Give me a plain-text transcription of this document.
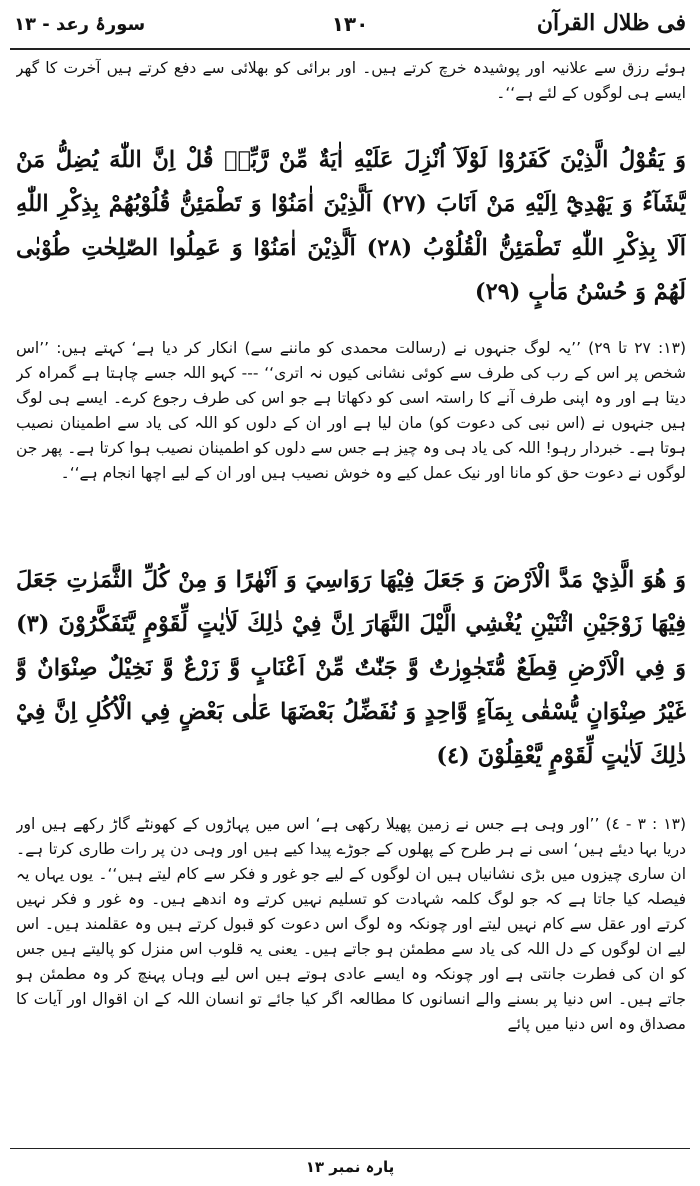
فی ظلال القرآن
١٣٠
سورۂ رعد - ١٣

ہوئے رزق سے علانیہ اور پوشیدہ خرچ کرتے ہیں۔ اور برائی کو بھلائی سے دفع کرتے ہیں آخرت کا گھر ایسے ہی لوگوں کے لئے ہے‘‘۔

وَ يَقُوْلُ الَّذِيْنَ كَفَرُوْا لَوْلَآ اُنْزِلَ عَلَيْهِ اٰيَةٌ مِّنْ رَّبِّهٖ قُلْ اِنَّ اللّٰهَ يُضِلُّ مَنْ يَّشَآءُ وَ يَهْدِيْٓ اِلَيْهِ مَنْ اَنَابَ (٢٧) اَلَّذِيْنَ اٰمَنُوْا وَ تَطْمَئِنُّ قُلُوْبُهُمْ بِذِكْرِ اللّٰهِ اَلَا بِذِكْرِ اللّٰهِ تَطْمَئِنُّ الْقُلُوْبُ (٢٨) اَلَّذِيْنَ اٰمَنُوْا وَ عَمِلُوا الصّٰلِحٰتِ طُوْبٰى لَهُمْ وَ حُسْنُ مَاٰبٍ (٢٩)

(١٣: ٢٧ تا ٢٩) ’’یہ لوگ جنہوں نے (رسالت محمدی کو ماننے سے) انکار کر دیا ہے‘ کہتے ہیں: ’’اس شخص پر اس کے رب کی طرف سے کوئی نشانی کیوں نہ اتری‘‘ --- کہو اللہ جسے چاہتا ہے گمراہ کر دیتا ہے اور وہ اپنی طرف آنے کا راستہ اسی کو دکھاتا ہے جو اس کی طرف رجوع کرے۔ ایسے ہی لوگ ہیں جنہوں نے (اس نبی کی دعوت کو) مان لیا ہے اور ان کے دلوں کو اللہ کی یاد سے اطمینان نصیب ہوتا ہے۔ خبردار رہو! اللہ کی یاد ہی وہ چیز ہے جس سے دلوں کو اطمینان نصیب ہوا کرتا ہے۔ پھر جن لوگوں نے دعوت حق کو مانا اور نیک عمل کیے وہ خوش نصیب ہیں اور ان کے لیے اچھا انجام ہے‘‘۔

وَ هُوَ الَّذِيْ مَدَّ الْاَرْضَ وَ جَعَلَ فِيْهَا رَوَاسِيَ وَ اَنْهٰرًا وَ مِنْ كُلِّ الثَّمَرٰتِ جَعَلَ فِيْهَا زَوْجَيْنِ اثْنَيْنِ يُغْشِي الَّيْلَ النَّهَارَ اِنَّ فِيْ ذٰلِكَ لَاٰيٰتٍ لِّقَوْمٍ يَّتَفَكَّرُوْنَ (٣) وَ فِي الْاَرْضِ قِطَعٌ مُّتَجٰوِرٰتٌ وَّ جَنّٰتٌ مِّنْ اَعْنَابٍ وَّ زَرْعٌ وَّ نَخِيْلٌ صِنْوَانٌ وَّ غَيْرُ صِنْوَانٍ يُّسْقٰى بِمَآءٍ وَّاحِدٍ وَ نُفَضِّلُ بَعْضَهَا عَلٰى بَعْضٍ فِي الْاُكُلِ اِنَّ فِيْ ذٰلِكَ لَاٰيٰتٍ لِّقَوْمٍ يَّعْقِلُوْنَ (٤)

(١٣ : ٣ - ٤) ’’اور وہی ہے جس نے زمین پھیلا رکھی ہے‘ اس میں پہاڑوں کے کھونٹے گاڑ رکھے ہیں اور دریا بہا دیئے ہیں‘ اسی نے ہر طرح کے پھلوں کے جوڑے پیدا کیے ہیں اور وہی دن پر رات طاری کرتا ہے۔ ان ساری چیزوں میں بڑی نشانیاں ہیں ان لوگوں کے لیے جو غور و فکر سے کام لیتے ہیں‘‘۔ یوں یہاں یہ فیصلہ کیا جاتا ہے کہ جو لوگ کلمہ شہادت کو تسلیم نہیں کرتے وہ اندھے ہیں۔ وہ غور و فکر نہیں کرتے اور عقل سے کام نہیں لیتے اور چونکہ وہ لوگ اس دعوت کو قبول کرتے ہیں وہ عقلمند ہیں۔ اس لیے ان لوگوں کے دل اللہ کی یاد سے مطمئن ہو جاتے ہیں۔ یعنی یہ قلوب اس منزل کو پالیتے ہیں جس کو ان کی فطرت جانتی ہے اور چونکہ وہ ایسے عادی ہوتے ہیں اس لیے وہاں پہنچ کر وہ مطمئن ہو جاتے ہیں۔ اس دنیا پر بسنے والے انسانوں کا مطالعہ اگر کیا جائے تو انسان اللہ کے ان اقوال اور آیات کا مصداق وہ اس دنیا میں پائے

پارہ نمبر ١٣
